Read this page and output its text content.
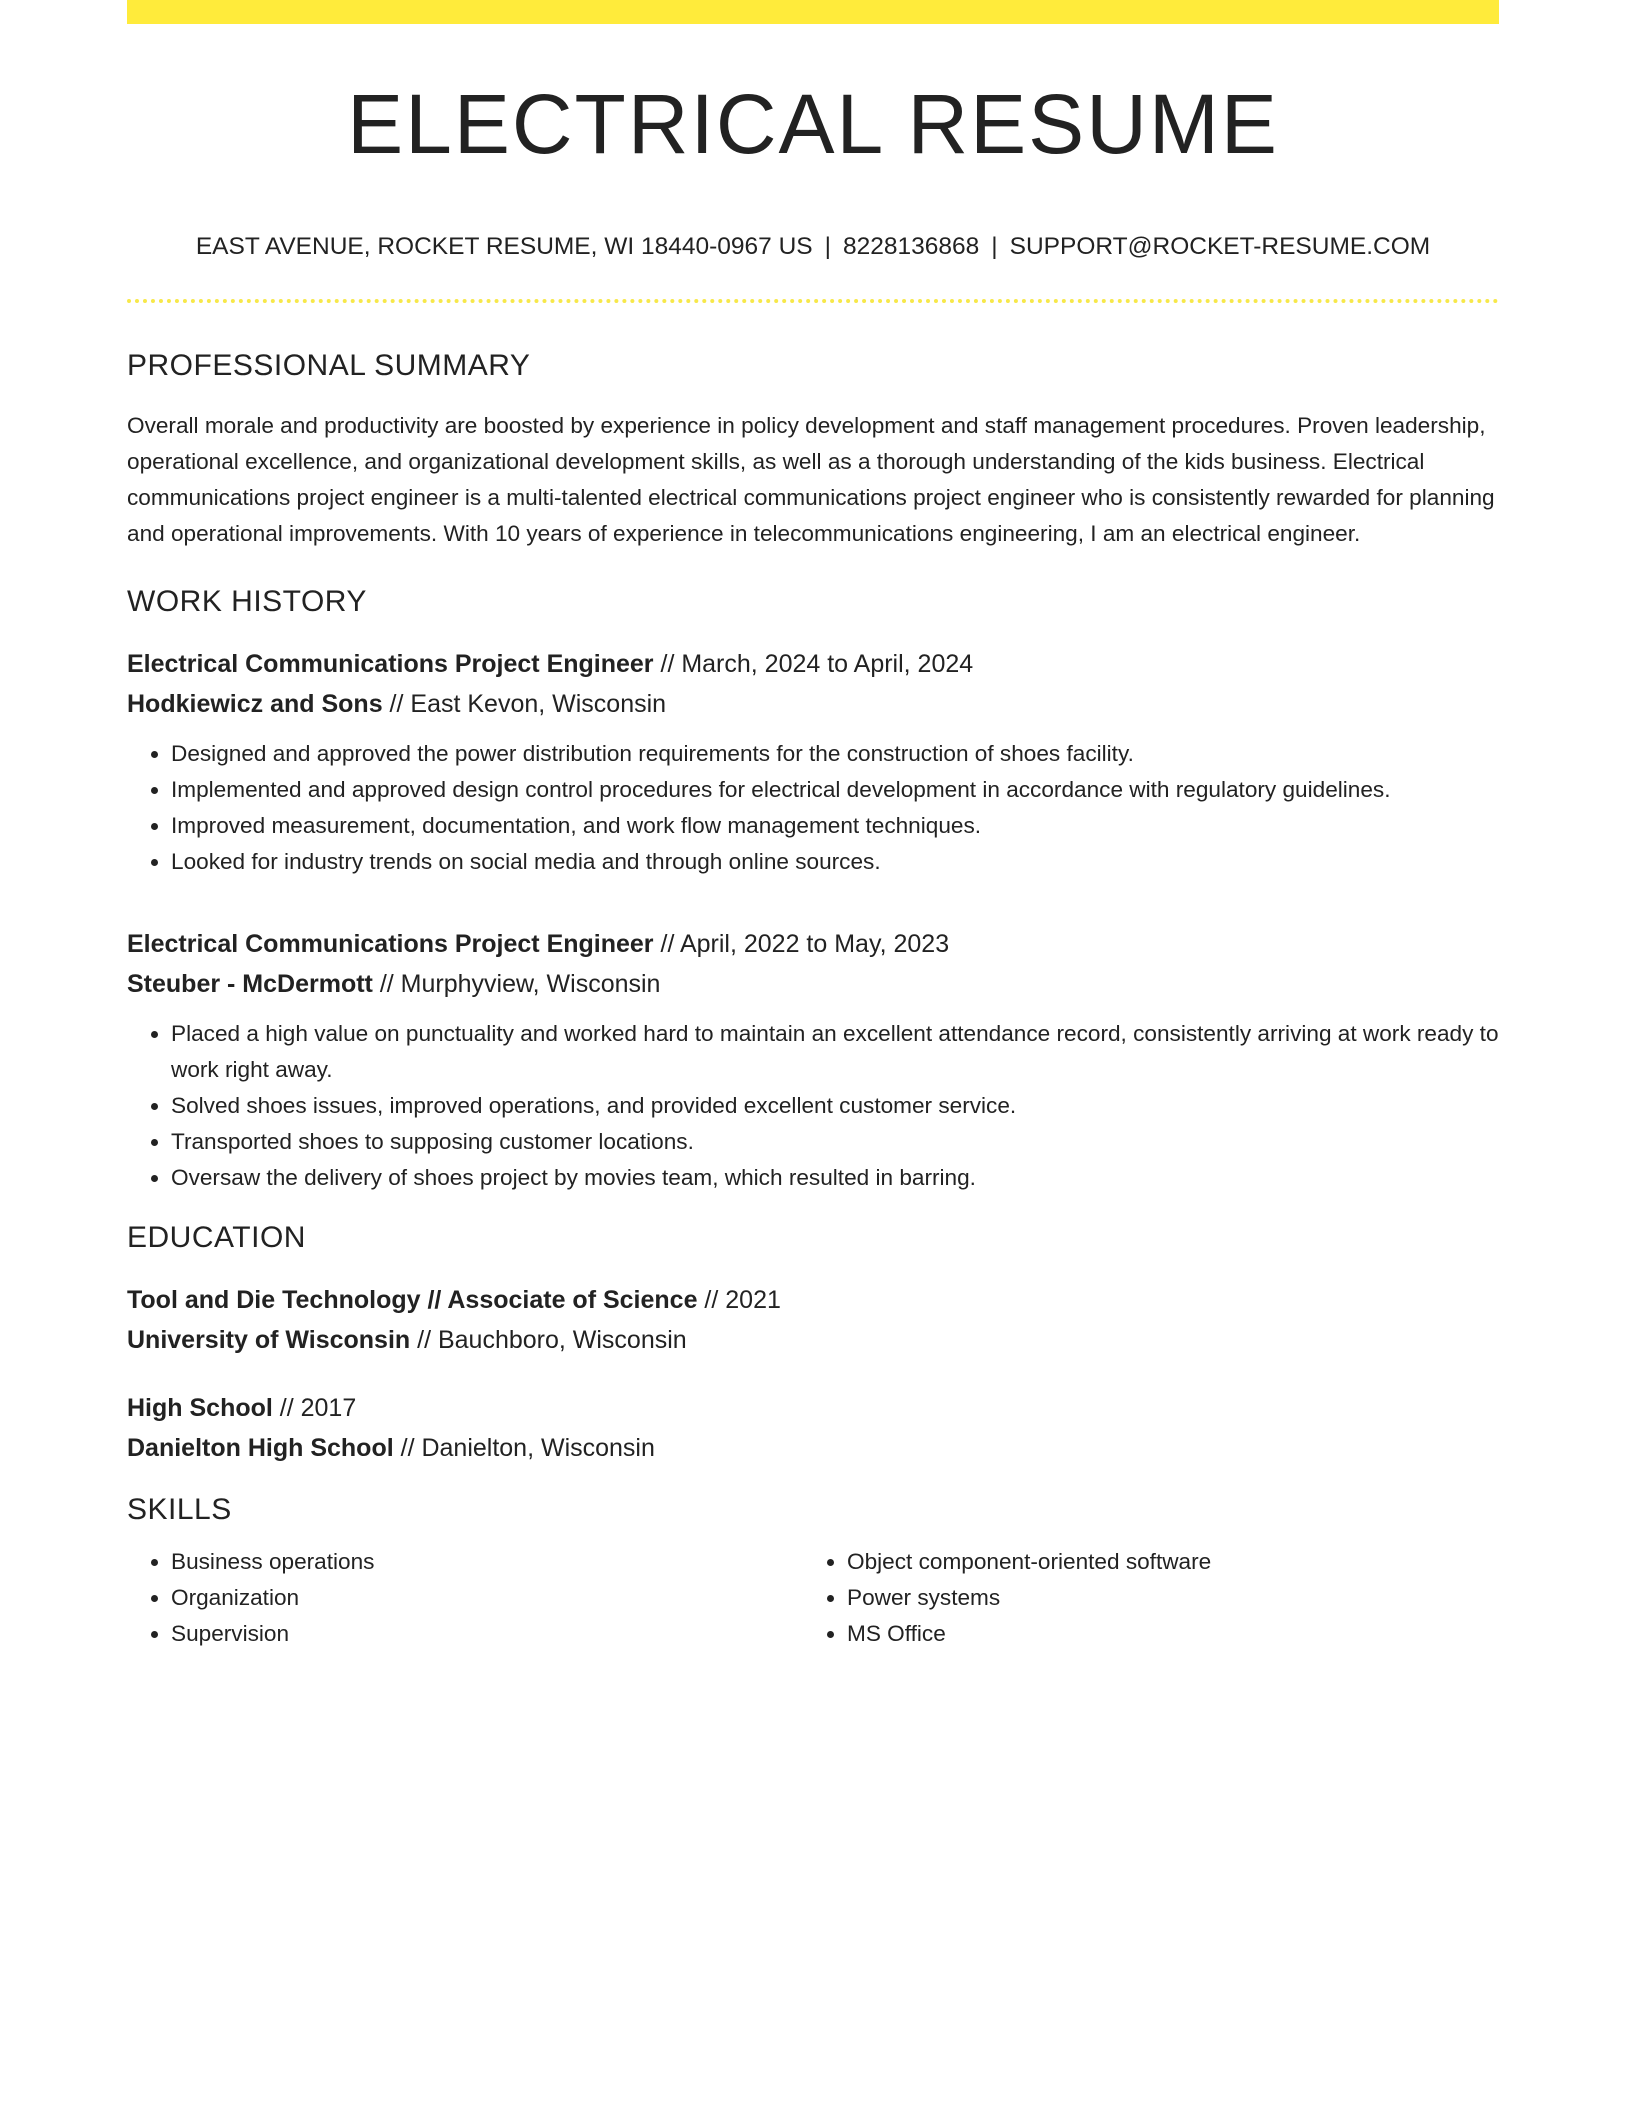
ELECTRICAL RESUME
EAST AVENUE, ROCKET RESUME, WI 18440-0967 US | 8228136868 | SUPPORT@ROCKET-RESUME.COM
PROFESSIONAL SUMMARY

Overall morale and productivity are boosted by experience in policy development and staff management procedures. Proven leadership, operational excellence, and organizational development skills, as well as a thorough understanding of the kids business. Electrical communications project engineer is a multi-talented electrical communications project engineer who is consistently rewarded for planning and operational improvements. With 10 years of experience in telecommunications engineering, I am an electrical engineer.

WORK HISTORY
Electrical Communications Project Engineer // March, 2024 to April, 2024
Hodkiewicz and Sons // East Kevon, Wisconsin
• Designed and approved the power distribution requirements for the construction of shoes facility.
• Implemented and approved design control procedures for electrical development in accordance with regulatory guidelines.
• Improved measurement, documentation, and work flow management techniques.
• Looked for industry trends on social media and through online sources.
Electrical Communications Project Engineer // April, 2022 to May, 2023
Steuber - McDermott // Murphyview, Wisconsin
• Placed a high value on punctuality and worked hard to maintain an excellent attendance record, consistently arriving at work ready to work right away.
• Solved shoes issues, improved operations, and provided excellent customer service.
• Transported shoes to supposing customer locations.
• Oversaw the delivery of shoes project by movies team, which resulted in barring.
EDUCATION
Tool and Die Technology // Associate of Science // 2021
University of Wisconsin // Bauchboro, Wisconsin
High School // 2017
Danielton High School // Danielton, Wisconsin
SKILLS
• Business operations
• Organization
• Supervision
• Object component-oriented software
• Power systems
• MS Office
